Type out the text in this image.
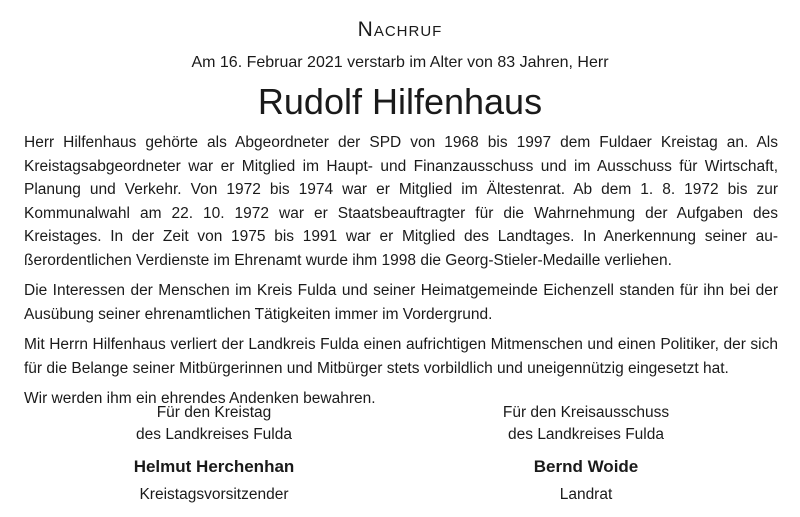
Nachruf
Am 16. Februar 2021 verstarb im Alter von 83 Jahren, Herr
Rudolf Hilfenhaus

Herr Hilfenhaus gehörte als Abgeordneter der SPD von 1968 bis 1997 dem Fuldaer Kreistag an. Als Kreistagsabgeordneter war er Mitglied im Haupt- und Finanzausschuss und im Ausschuss für Wirtschaft, Planung und Verkehr. Von 1972 bis 1974 war er Mitglied im Ältestenrat. Ab dem 1. 8. 1972 bis zur Kommunalwahl am 22. 10. 1972 war er Staatsbeauftragter für die Wahrnehmung der Aufgaben des Kreistages. In der Zeit von 1975 bis 1991 war er Mitglied des Landtages. In Anerkennung seiner außerordentlichen Verdienste im Ehrenamt wurde ihm 1998 die Georg-Stieler-Medaille verliehen.

Die Interessen der Menschen im Kreis Fulda und seiner Heimatgemeinde Eichenzell standen für ihn bei der Ausübung seiner ehrenamtlichen Tätigkeiten immer im Vordergrund.

Mit Herrn Hilfenhaus verliert der Landkreis Fulda einen aufrichtigen Mitmenschen und einen Politiker, der sich für die Belange seiner Mitbürgerinnen und Mitbürger stets vorbildlich und uneigennützig eingesetzt hat.

Wir werden ihm ein ehrendes Andenken bewahren.

Für den Kreistag
des Landkreises Fulda
Helmut Herchenhan
Kreistagsvorsitzender
Für den Kreisausschuss
des Landkreises Fulda
Bernd Woide
Landrat
